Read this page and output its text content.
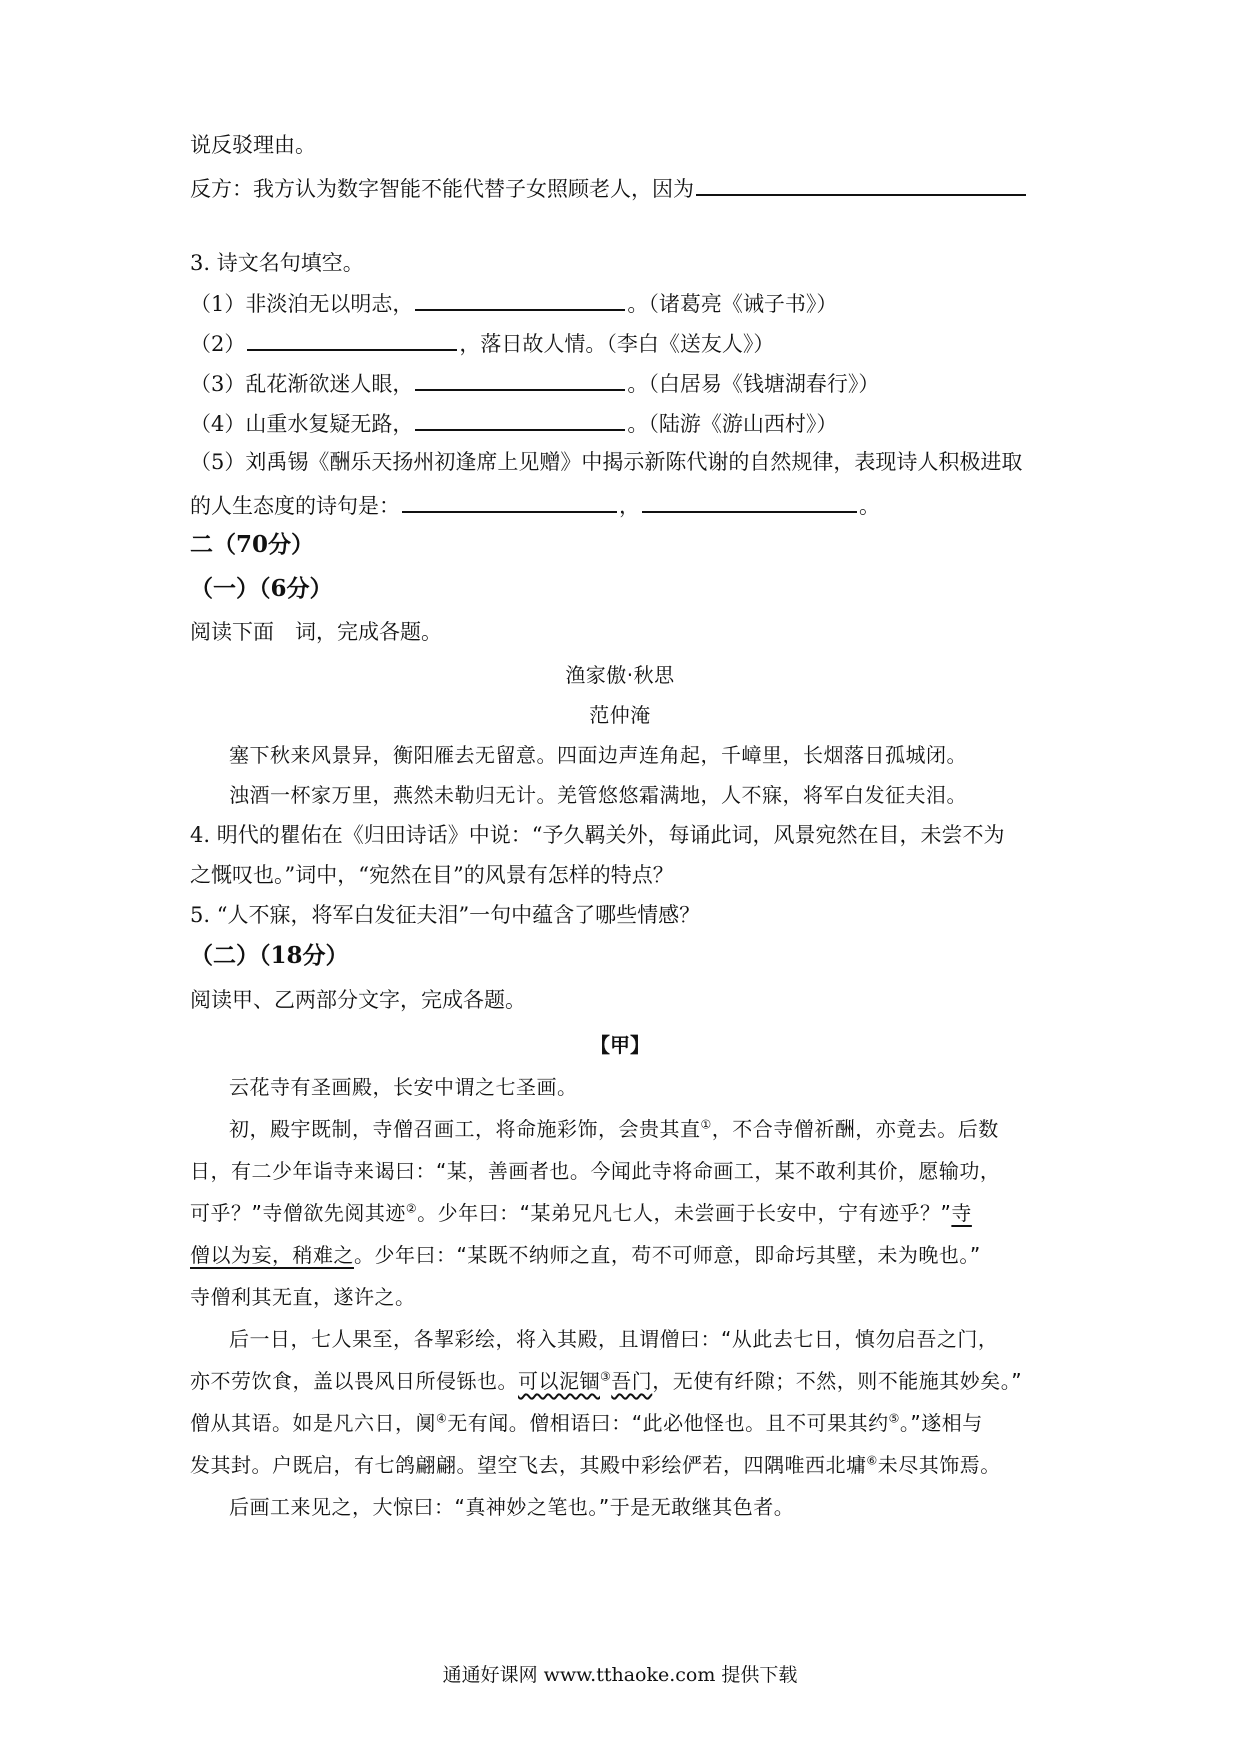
说反驳理由。
反方：我方认为数字智能不能代替子女照顾老人，因为
3. 诗文名句填空。
（1）非淡泊无以明志，	。（诸葛亮《诫子书》）
（2）	，落日故人情。（李白《送友人》）
（3）乱花渐欲迷人眼，	。（白居易《钱塘湖春行》）
（4）山重水复疑无路，	。（陆游《游山西村》）
（5）刘禹锡《酬乐天扬州初逢席上见赠》中揭示新陈代谢的自然规律，表现诗人积极进取
的人生态度的诗句是：	，	。
二（70分）
（一）（6分）
阅读下面　词，完成各题。
渔家傲·秋思
范仲淹
塞下秋来风景异，衡阳雁去无留意。四面边声连角起，千嶂里，长烟落日孤城闭。
浊酒一杯家万里，燕然未勒归无计。羌管悠悠霜满地，人不寐，将军白发征夫泪。
4. 明代的瞿佑在《归田诗话》中说：“予久羁关外，每诵此词，风景宛然在目，未尝不为
之慨叹也。”词中，“宛然在目”的风景有怎样的特点？
5. “人不寐，将军白发征夫泪”一句中蕴含了哪些情感？
（二）（18分）
阅读甲、乙两部分文字，完成各题。
【甲】
云花寺有圣画殿，长安中谓之七圣画。
初，殿宇既制，寺僧召画工，将命施彩饰，会贵其直①，不合寺僧祈酬，亦竟去。后数
日，有二少年诣寺来谒曰：“某，善画者也。今闻此寺将命画工，某不敢利其价，愿输功，
可乎？”寺僧欲先阅其迹②。少年曰：“某弟兄凡七人，未尝画于长安中，宁有迹乎？”寺
僧以为妄，稍难之。少年曰：“某既不纳师之直，苟不可师意，即命圬其壁，未为晚也。”
寺僧利其无直，遂许之。
后一日，七人果至，各挈彩绘，将入其殿，且谓僧曰：“从此去七日，慎勿启吾之门，
亦不劳饮食，盖以畏风日所侵铄也。可以泥锢③吾门，无使有纤隙；不然，则不能施其妙矣。”
僧从其语。如是凡六日，阒④无有闻。僧相语曰：“此必他怪也。且不可果其约⑤。”遂相与
发其封。户既启，有七鸽翩翩。望空飞去，其殿中彩绘俨若，四隅唯西北墉⑥未尽其饰焉。
后画工来见之，大惊曰：“真神妙之笔也。”于是无敢继其色者。
通通好课网 www.tthaoke.com 提供下载
